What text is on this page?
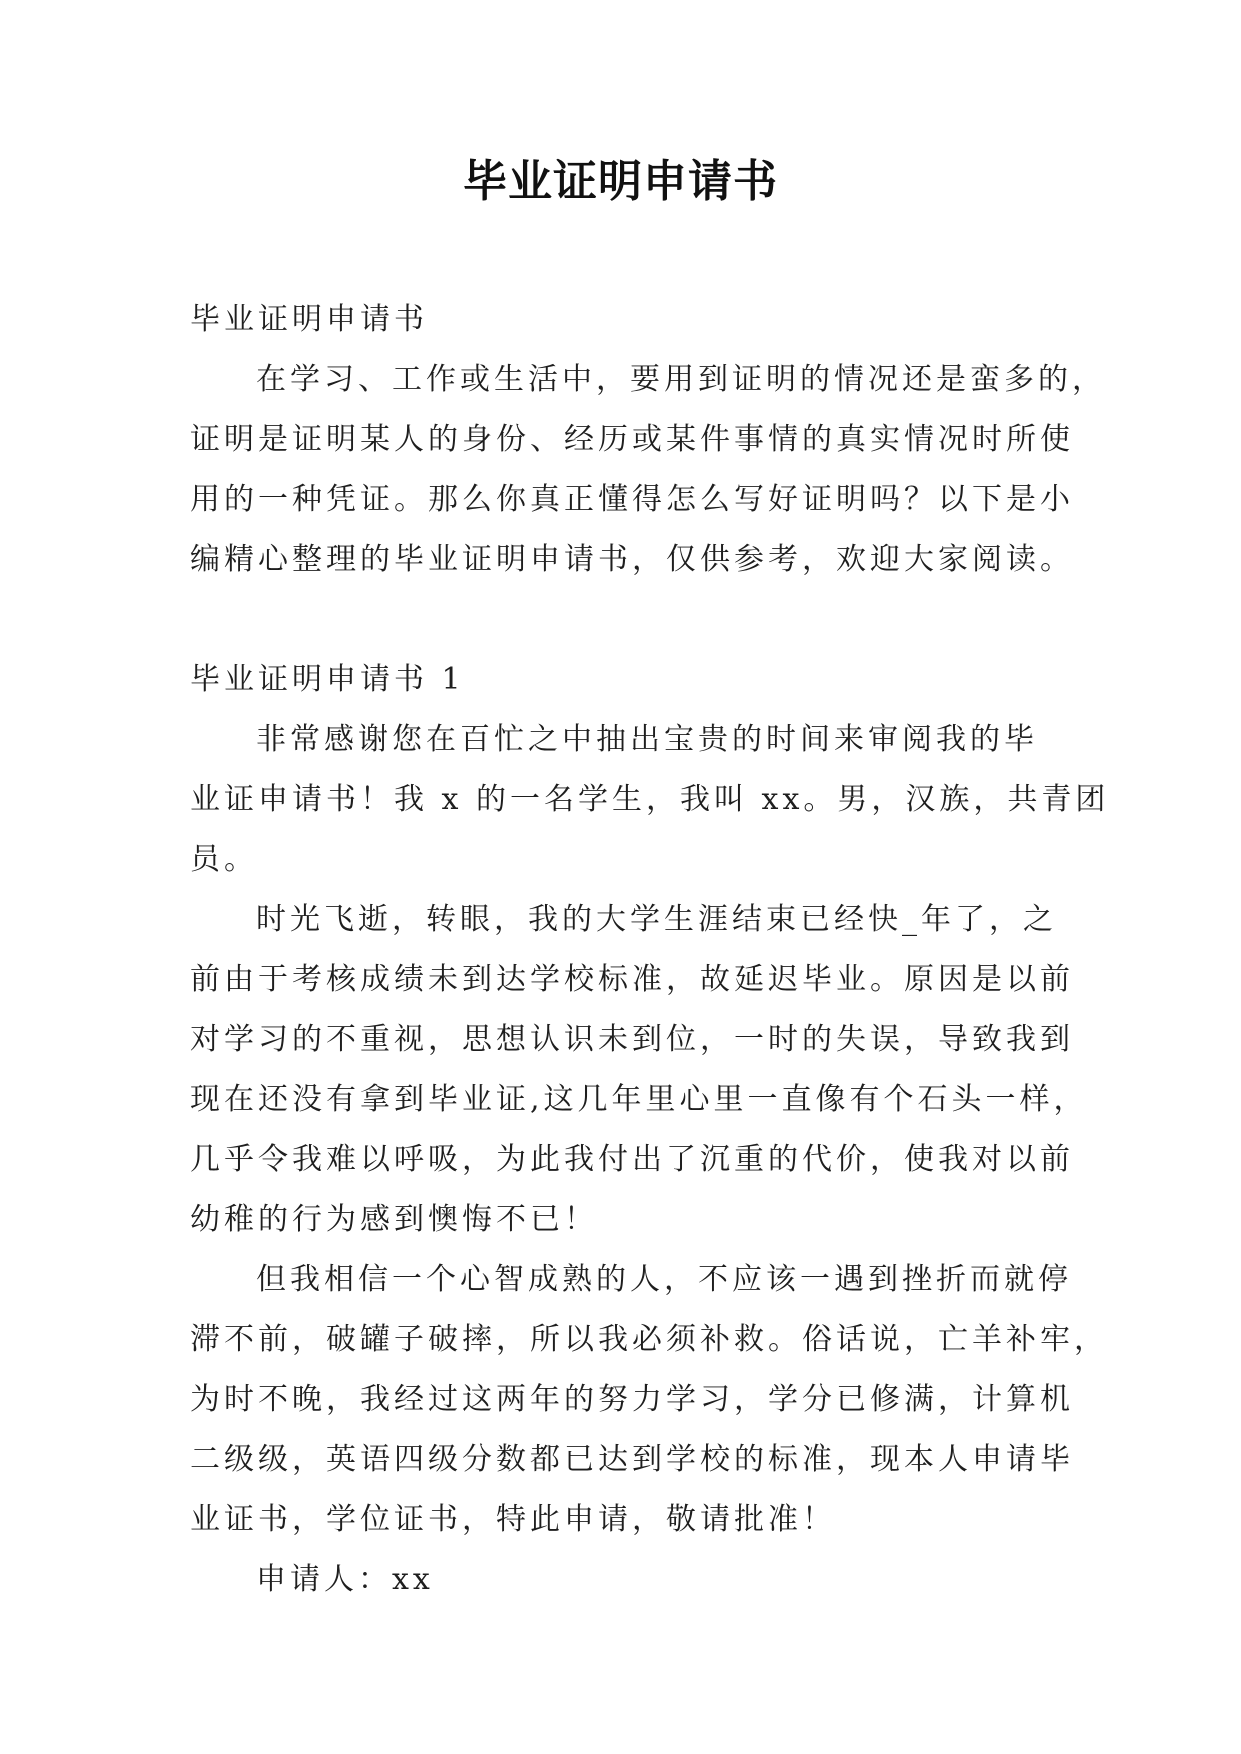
毕业证明申请书
毕业证明申请书
在学习、工作或生活中，要用到证明的情况还是蛮多的，
证明是证明某人的身份、经历或某件事情的真实情况时所使
用的一种凭证。那么你真正懂得怎么写好证明吗？以下是小
编精心整理的毕业证明申请书，仅供参考，欢迎大家阅读。
毕业证明申请书 1
非常感谢您在百忙之中抽出宝贵的时间来审阅我的毕
业证申请书！我 x 的一名学生，我叫 xx。男，汉族，共青团
员。
时光飞逝，转眼，我的大学生涯结束已经快_年了，之
前由于考核成绩未到达学校标准，故延迟毕业。原因是以前
对学习的不重视，思想认识未到位，一时的失误，导致我到
现在还没有拿到毕业证,这几年里心里一直像有个石头一样，
几乎令我难以呼吸，为此我付出了沉重的代价，使我对以前
幼稚的行为感到懊悔不已！
但我相信一个心智成熟的人，不应该一遇到挫折而就停
滞不前，破罐子破摔，所以我必须补救。俗话说，亡羊补牢，
为时不晚，我经过这两年的努力学习，学分已修满，计算机
二级级，英语四级分数都已达到学校的标准，现本人申请毕
业证书，学位证书，特此申请，敬请批准！
申请人：xx
